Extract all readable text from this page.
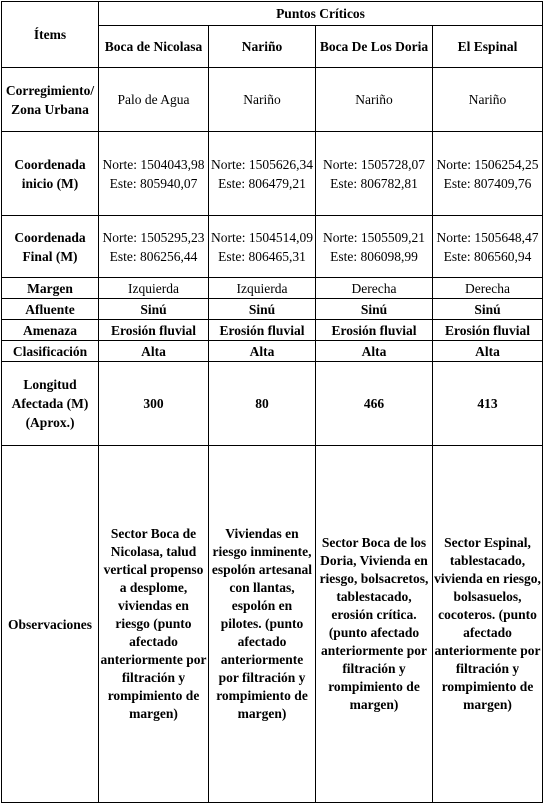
Ítems	Puntos Críticos			
	Boca de Nicolasa	Nariño	Boca De Los Doria	El Espinal
Corregimiento/ Zona Urbana	Palo de Agua	Nariño	Nariño	Nariño
Coordenada inicio (M)	Norte: 1504043,98 Este: 805940,07	Norte: 1505626,34 Este: 806479,21	Norte: 1505728,07 Este: 806782,81	Norte: 1506254,25 Este: 807409,76
Coordenada Final (M)	Norte: 1505295,23 Este: 806256,44	Norte: 1504514,09 Este: 806465,31	Norte: 1505509,21 Este: 806098,99	Norte: 1505648,47 Este: 806560,94
Margen	Izquierda	Izquierda	Derecha	Derecha
Afluente	Sinú	Sinú	Sinú	Sinú
Amenaza	Erosión fluvial	Erosión fluvial	Erosión fluvial	Erosión fluvial
Clasificación	Alta	Alta	Alta	Alta
Longitud Afectada (M) (Aprox.)	300	80	466	413
Observaciones	Sector Boca de Nicolasa, talud vertical propenso a desplome, viviendas en riesgo (punto afectado anteriormente por filtración y rompimiento de margen)	Viviendas en riesgo inminente, espolón artesanal con llantas, espolón en pilotes. (punto afectado anteriormente por filtración y rompimiento de margen)	Sector Boca de los Doria, Vivienda en riesgo, bolsacretos, tablestacado, erosión crítica. (punto afectado anteriormente por filtración y rompimiento de margen)	Sector Espinal, tablestacado, vivienda en riesgo, bolsasuelos, cocoteros. (punto afectado anteriormente por filtración y rompimiento de margen)
